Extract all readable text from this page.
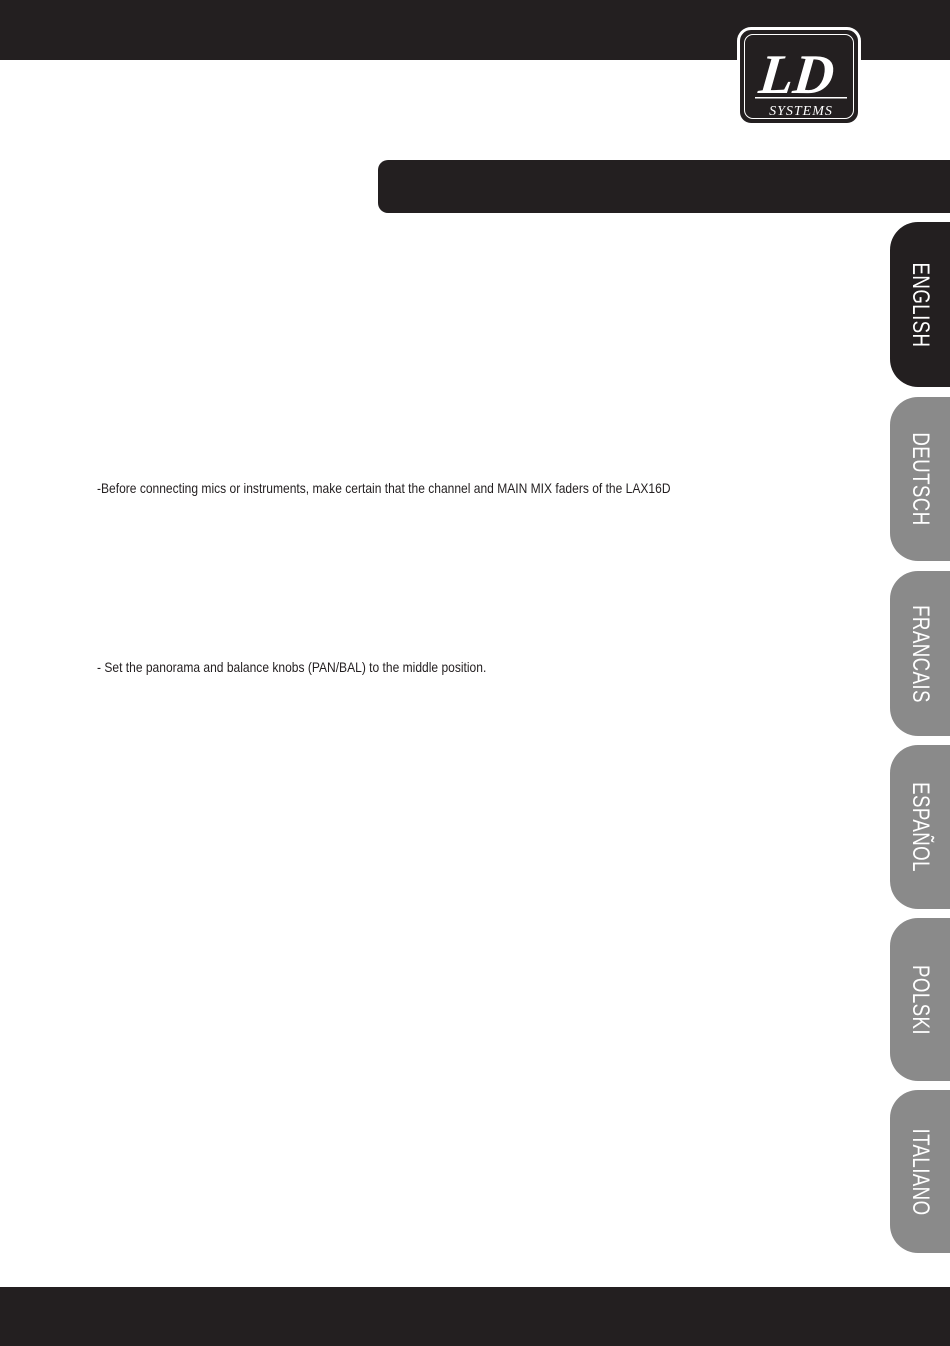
LD
SYSTEMS
-Before connecting mics or instruments, make certain that the channel and MAIN MIX faders of the LAX16D
- Set the panorama and balance knobs (PAN/BAL) to the middle position.
ENGLISH
DEUTSCH
FRANCAIS
ESPAÑOL
POLSKI
ITALIANO
